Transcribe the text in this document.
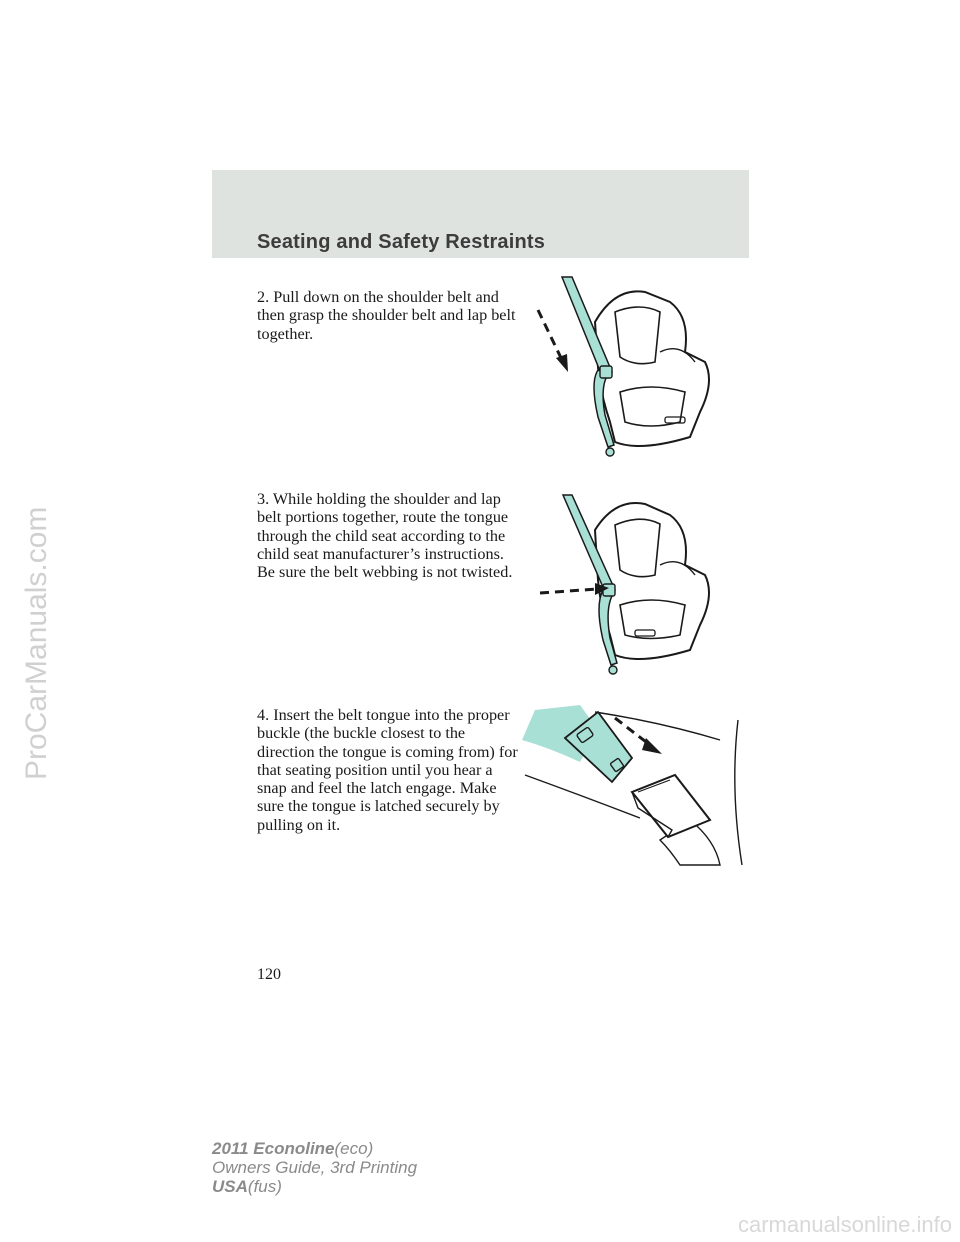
Seating and Safety Restraints
2. Pull down on the shoulder belt and then grasp the shoulder belt and lap belt together.
3. While holding the shoulder and lap belt portions together, route the tongue through the child seat according to the child seat manufacturer’s instructions. Be sure the belt webbing is not twisted.
4. Insert the belt tongue into the proper buckle (the buckle closest to the direction the tongue is coming from) for that seating position until you hear a snap and feel the latch engage. Make sure the tongue is latched securely by pulling on it.
120
2011 Econoline(eco)
Owners Guide, 3rd Printing
USA(fus)
ProCarManuals.com
carmanualsonline.info
